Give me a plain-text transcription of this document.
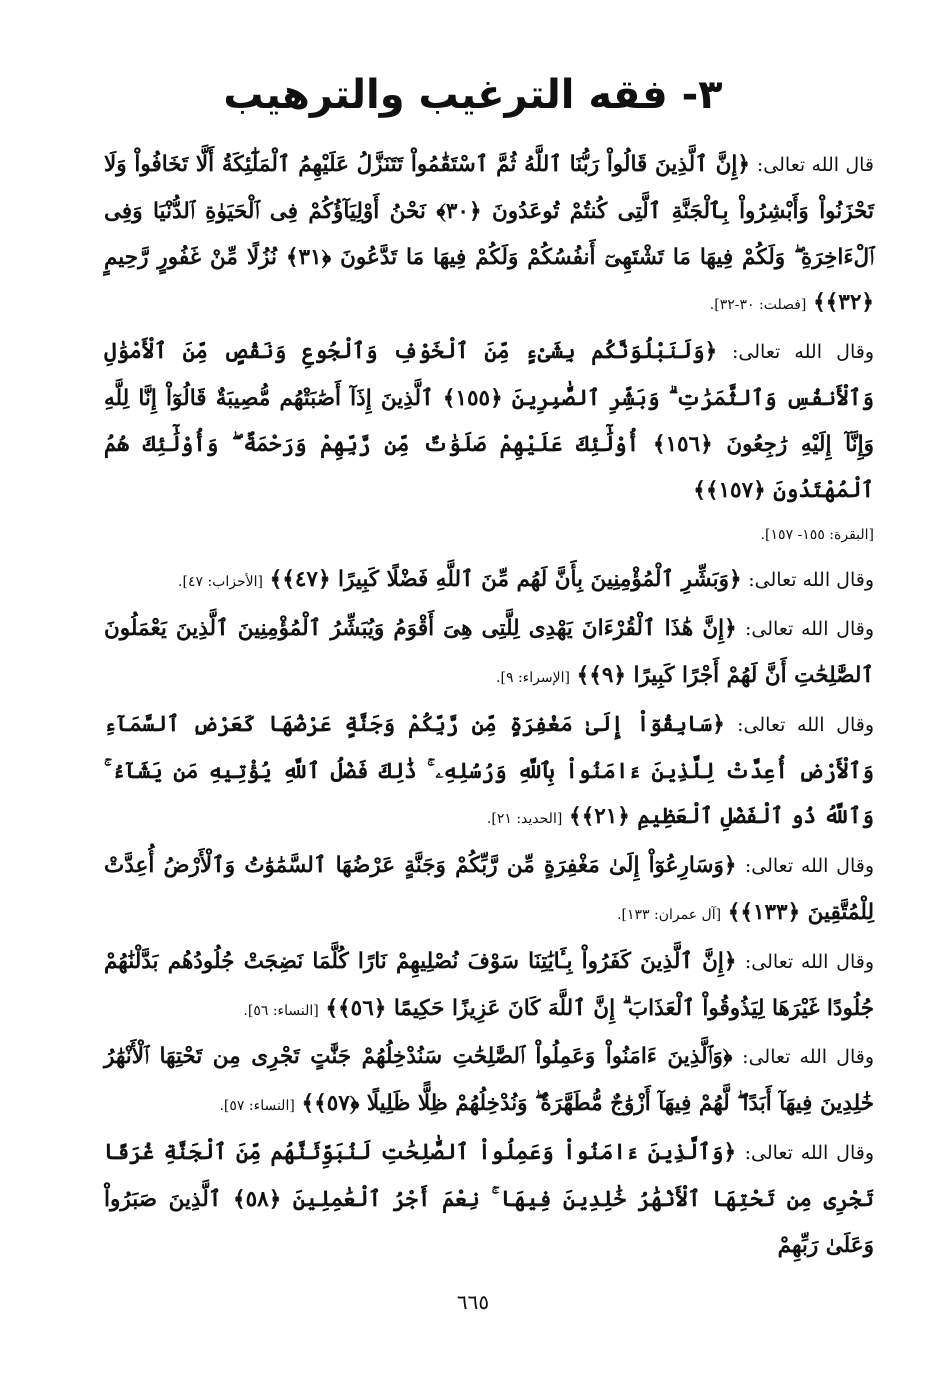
٣- فقه الترغيب والترهيب

قال الله تعالى: ﴿إِنَّ ٱلَّذِينَ قَالُواْ رَبُّنَا ٱللَّهُ ثُمَّ ٱسْتَقَٰمُواْ تَتَنَزَّلُ عَلَيْهِمُ ٱلْمَلَٰٓئِكَةُ أَلَّا تَخَافُواْ وَلَا تَحْزَنُواْ وَأَبْشِرُواْ بِٱلْجَنَّةِ ٱلَّتِى كُنتُمْ تُوعَدُونَ ﴿٣٠﴾ نَحْنُ أَوْلِيَآؤُكُمْ فِى ٱلْحَيَوٰةِ ٱلدُّنْيَا وَفِى ٱلْءَاخِرَةِ ۖ وَلَكُمْ فِيهَا مَا تَشْتَهِىٓ أَنفُسُكُمْ وَلَكُمْ فِيهَا مَا تَدَّعُونَ ﴿٣١﴾ نُزُلًا مِّنْ غَفُورٍ رَّحِيمٍ ﴿٣٢﴾﴾ [فصلت: ٣٠-٣٢].

وقال الله تعالى: ﴿وَلَنَبْلُوَنَّكُم بِشَىْءٍ مِّنَ ٱلْخَوْفِ وَٱلْجُوعِ وَنَقْصٍ مِّنَ ٱلْأَمْوَٰلِ وَٱلْأَنفُسِ وَٱلثَّمَرَٰتِ ۗ وَبَشِّرِ ٱلصَّٰبِرِينَ ﴿١٥٥﴾ ٱلَّذِينَ إِذَآ أَصَٰبَتْهُم مُّصِيبَةٌ قَالُوٓاْ إِنَّا لِلَّهِ وَإِنَّآ إِلَيْهِ رَٰجِعُونَ ﴿١٥٦﴾ أُوْلَٰٓئِكَ عَلَيْهِمْ صَلَوَٰتٌ مِّن رَّبِّهِمْ وَرَحْمَةٌ ۖ وَأُوْلَٰٓئِكَ هُمُ ٱلْمُهْتَدُونَ ﴿١٥٧﴾﴾

[البقرة: ١٥٥- ١٥٧].

وقال الله تعالى: ﴿وَبَشِّرِ ٱلْمُؤْمِنِينَ بِأَنَّ لَهُم مِّنَ ٱللَّهِ فَضْلًا كَبِيرًا ﴿٤٧﴾﴾ [الأحزاب: ٤٧].

وقال الله تعالى: ﴿إِنَّ هَٰذَا ٱلْقُرْءَانَ يَهْدِى لِلَّتِى هِىَ أَقْوَمُ وَيُبَشِّرُ ٱلْمُؤْمِنِينَ ٱلَّذِينَ يَعْمَلُونَ ٱلصَّٰلِحَٰتِ أَنَّ لَهُمْ أَجْرًا كَبِيرًا ﴿٩﴾﴾ [الإسراء: ٩].

وقال الله تعالى: ﴿سَابِقُوٓاْ إِلَىٰ مَغْفِرَةٍ مِّن رَّبِّكُمْ وَجَنَّةٍ عَرْضُهَا كَعَرْضِ ٱلسَّمَآءِ وَٱلْأَرْضِ أُعِدَّتْ لِلَّذِينَ ءَامَنُواْ بِٱللَّهِ وَرُسُلِهِۦ ۚ ذَٰلِكَ فَضْلُ ٱللَّهِ يُؤْتِيهِ مَن يَشَآءُ ۚ وَٱللَّهُ ذُو ٱلْفَضْلِ ٱلْعَظِيمِ ﴿٢١﴾﴾ [الحديد: ٢١].

وقال الله تعالى: ﴿وَسَارِعُوٓاْ إِلَىٰ مَغْفِرَةٍ مِّن رَّبِّكُمْ وَجَنَّةٍ عَرْضُهَا ٱلسَّمَٰوَٰتُ وَٱلْأَرْضُ أُعِدَّتْ لِلْمُتَّقِينَ ﴿١٣٣﴾﴾ [آل عمران: ١٣٣].

وقال الله تعالى: ﴿إِنَّ ٱلَّذِينَ كَفَرُواْ بِـَٔايَٰتِنَا سَوْفَ نُصْلِيهِمْ نَارًا كُلَّمَا نَضِجَتْ جُلُودُهُم بَدَّلْنَٰهُمْ جُلُودًا غَيْرَهَا لِيَذُوقُواْ ٱلْعَذَابَ ۗ إِنَّ ٱللَّهَ كَانَ عَزِيزًا حَكِيمًا ﴿٥٦﴾﴾ [النساء: ٥٦].

وقال الله تعالى: ﴿وَٱلَّذِينَ ءَامَنُواْ وَعَمِلُواْ ٱلصَّٰلِحَٰتِ سَنُدْخِلُهُمْ جَنَّٰتٍ تَجْرِى مِن تَحْتِهَا ٱلْأَنْهَٰرُ خَٰلِدِينَ فِيهَآ أَبَدًا ۖ لَّهُمْ فِيهَآ أَزْوَٰجٌ مُّطَهَّرَةٌ ۖ وَنُدْخِلُهُمْ ظِلًّا ظَلِيلًا ﴿٥٧﴾﴾ [النساء: ٥٧].

وقال الله تعالى: ﴿وَٱلَّذِينَ ءَامَنُواْ وَعَمِلُواْ ٱلصَّٰلِحَٰتِ لَنُبَوِّئَنَّهُم مِّنَ ٱلْجَنَّةِ غُرَفًا تَجْرِى مِن تَحْتِهَا ٱلْأَنْهَٰرُ خَٰلِدِينَ فِيهَا ۚ نِعْمَ أَجْرُ ٱلْعَٰمِلِينَ ﴿٥٨﴾ ٱلَّذِينَ صَبَرُواْ وَعَلَىٰ رَبِّهِمْ

٦٦٥
